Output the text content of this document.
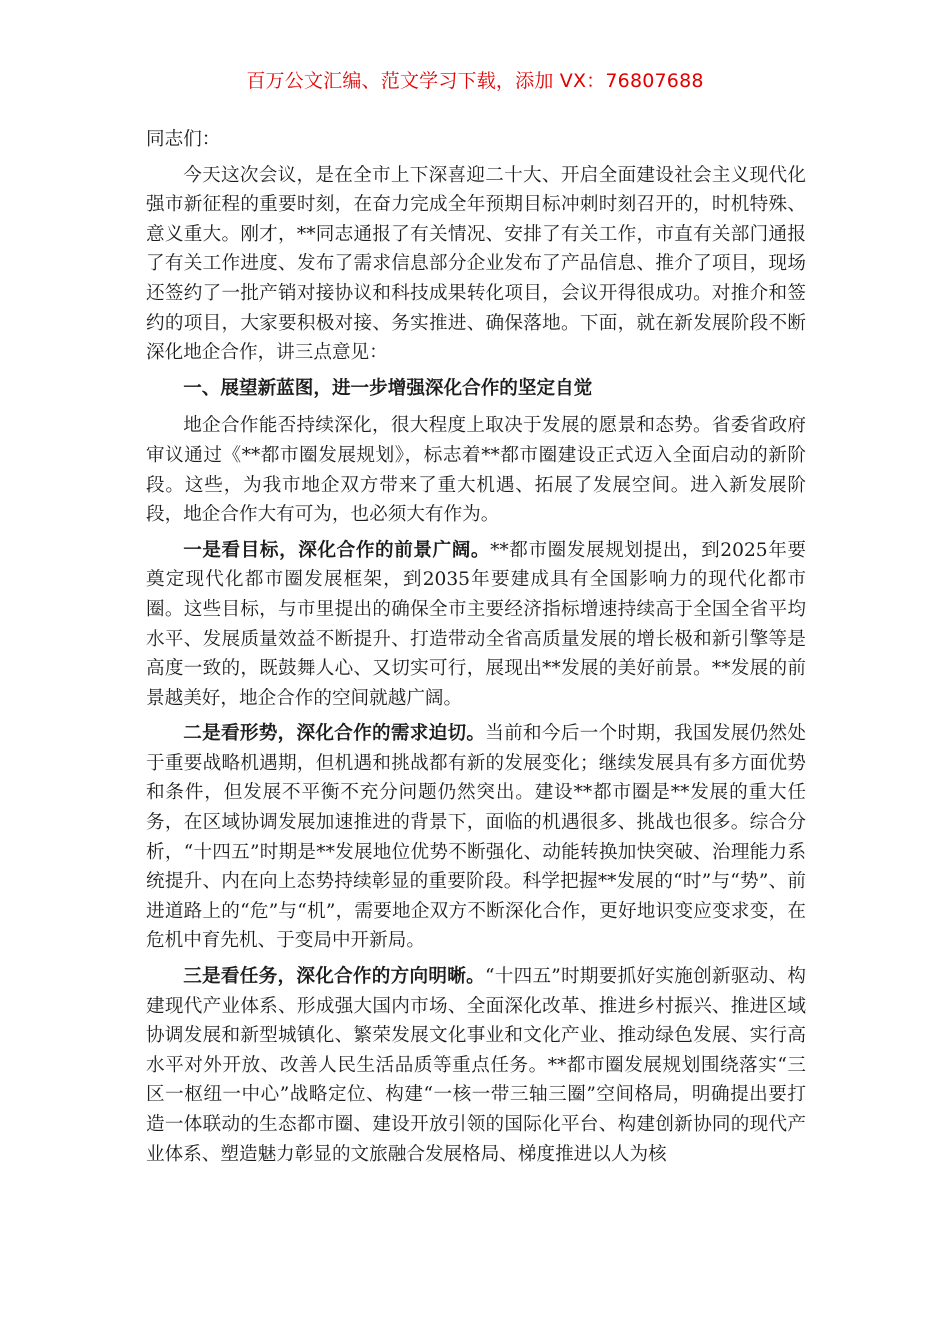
百万公文汇编、范文学习下载，添加 VX：76807688

同志们：

今天这次会议，是在全市上下深喜迎二十大、开启全面建设社会主义现代化强市新征程的重要时刻，在奋力完成全年预期目标冲刺时刻召开的，时机特殊、意义重大。刚才，**同志通报了有关情况、安排了有关工作，市直有关部门通报了有关工作进度、发布了需求信息部分企业发布了产品信息、推介了项目，现场还签约了一批产销对接协议和科技成果转化项目，会议开得很成功。对推介和签约的项目，大家要积极对接、务实推进、确保落地。下面，就在新发展阶段不断深化地企合作，讲三点意见：

一、展望新蓝图，进一步增强深化合作的坚定自觉

地企合作能否持续深化，很大程度上取决于发展的愿景和态势。省委省政府审议通过《**都市圈发展规划》，标志着**都市圈建设正式迈入全面启动的新阶段。这些，为我市地企双方带来了重大机遇、拓展了发展空间。进入新发展阶段，地企合作大有可为，也必须大有作为。

一是看目标，深化合作的前景广阔。**都市圈发展规划提出，到2025年要奠定现代化都市圈发展框架，到2035年要建成具有全国影响力的现代化都市圈。这些目标，与市里提出的确保全市主要经济指标增速持续高于全国全省平均水平、发展质量效益不断提升、打造带动全省高质量发展的增长极和新引擎等是高度一致的，既鼓舞人心、又切实可行，展现出**发展的美好前景。**发展的前景越美好，地企合作的空间就越广阔。

二是看形势，深化合作的需求迫切。当前和今后一个时期，我国发展仍然处于重要战略机遇期，但机遇和挑战都有新的发展变化；继续发展具有多方面优势和条件，但发展不平衡不充分问题仍然突出。建设**都市圈是**发展的重大任务，在区域协调发展加速推进的背景下，面临的机遇很多、挑战也很多。综合分析，“十四五”时期是**发展地位优势不断强化、动能转换加快突破、治理能力系统提升、内在向上态势持续彰显的重要阶段。科学把握**发展的“时”与“势”、前进道路上的“危”与“机”，需要地企双方不断深化合作，更好地识变应变求变，在危机中育先机、于变局中开新局。

三是看任务，深化合作的方向明晰。“十四五”时期要抓好实施创新驱动、构建现代产业体系、形成强大国内市场、全面深化改革、推进乡村振兴、推进区域协调发展和新型城镇化、繁荣发展文化事业和文化产业、推动绿色发展、实行高水平对外开放、改善人民生活品质等重点任务。**都市圈发展规划围绕落实“三区一枢纽一中心”战略定位、构建“一核一带三轴三圈”空间格局，明确提出要打造一体联动的生态都市圈、建设开放引领的国际化平台、构建创新协同的现代产业体系、塑造魅力彰显的文旅融合发展格局、梯度推进以人为核
